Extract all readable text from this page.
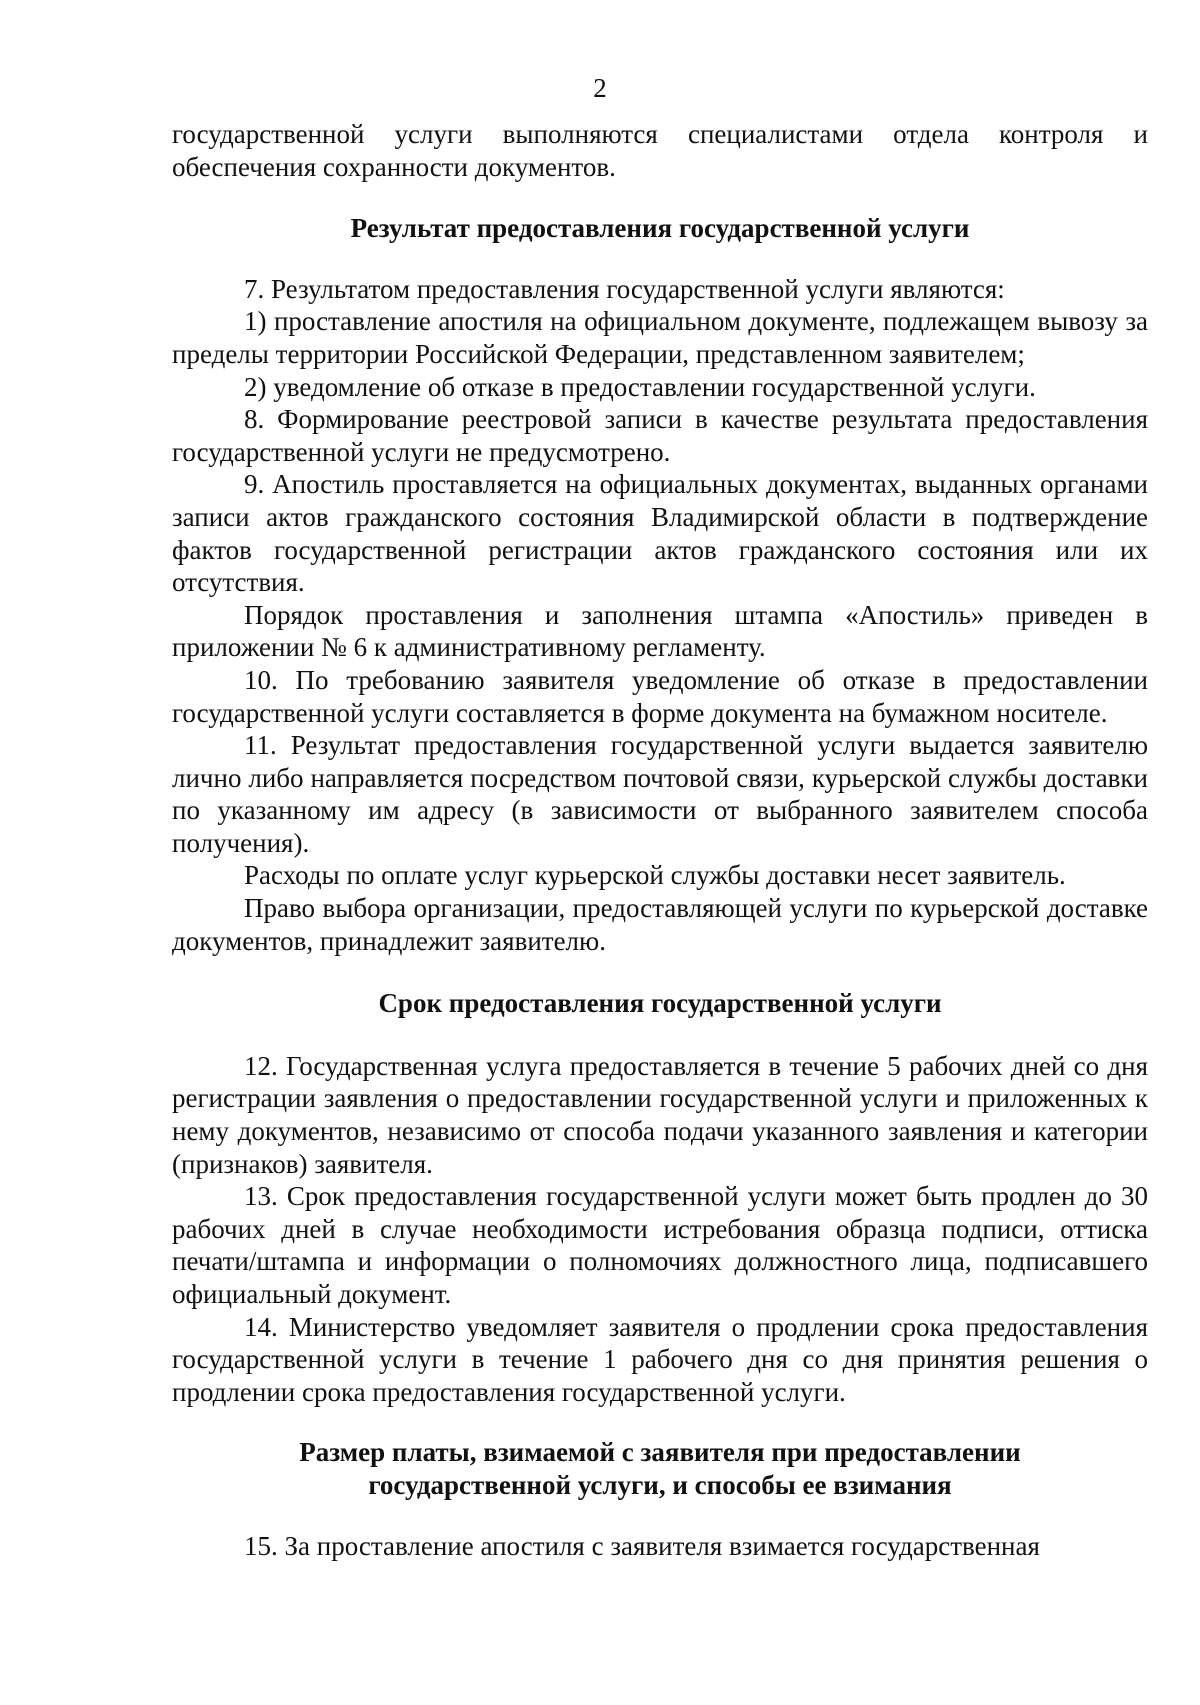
2

государственной услуги выполняются специалистами отдела контроля и обеспечения сохранности документов.

Результат предоставления государственной услуги

7. Результатом предоставления государственной услуги являются:

1) проставление апостиля на официальном документе, подлежащем вывозу за пределы территории Российской Федерации, представленном заявителем;

2) уведомление об отказе в предоставлении государственной услуги.

8. Формирование реестровой записи в качестве результата предоставления государственной услуги не предусмотрено.

9. Апостиль проставляется на официальных документах, выданных органами записи актов гражданского состояния Владимирской области в подтверждение фактов государственной регистрации актов гражданского состояния или их отсутствия.

Порядок проставления и заполнения штампа «Апостиль» приведен в приложении № 6 к административному регламенту.

10. По требованию заявителя уведомление об отказе в предоставлении государственной услуги составляется в форме документа на бумажном носителе.

11. Результат предоставления государственной услуги выдается заявителю лично либо направляется посредством почтовой связи, курьерской службы доставки по указанному им адресу (в зависимости от выбранного заявителем способа получения).

Расходы по оплате услуг курьерской службы доставки несет заявитель.

Право выбора организации, предоставляющей услуги по курьерской доставке документов, принадлежит заявителю.

Срок предоставления государственной услуги

12. Государственная услуга предоставляется в течение 5 рабочих дней со дня регистрации заявления о предоставлении государственной услуги и приложенных к нему документов, независимо от способа подачи указанного заявления и категории (признаков) заявителя.

13. Срок предоставления государственной услуги может быть продлен до 30 рабочих дней в случае необходимости истребования образца подписи, оттиска печати/штампа и информации о полномочиях должностного лица, подписавшего официальный документ.

14. Министерство уведомляет заявителя о продлении срока предоставления государственной услуги в течение 1 рабочего дня со дня принятия решения о продлении срока предоставления государственной услуги.

Размер платы, взимаемой с заявителя при предоставлении
государственной услуги, и способы ее взимания

15. За проставление апостиля с заявителя взимается государственная
